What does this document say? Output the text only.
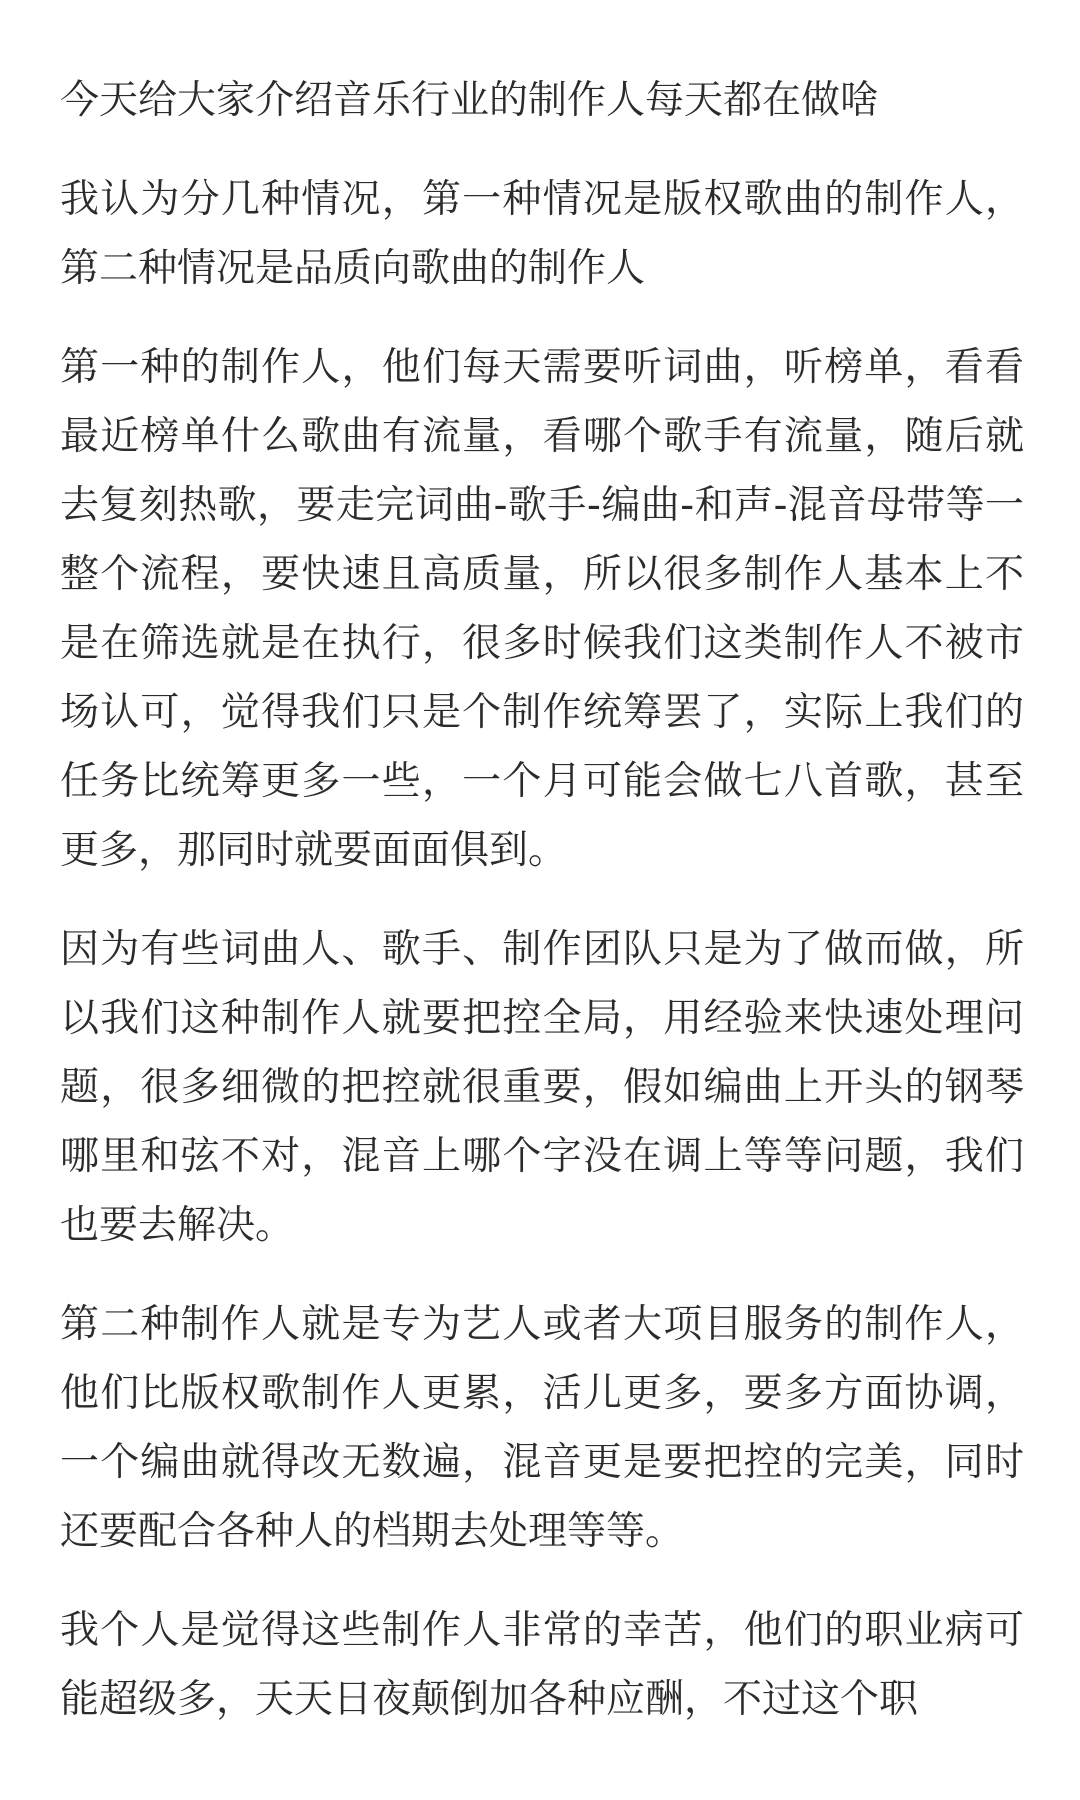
今天给大家介绍音乐行业的制作人每天都在做啥

我认为分几种情况，第一种情况是版权歌曲的制作人，第二种情况是品质向歌曲的制作人

第一种的制作人，他们每天需要听词曲，听榜单，看看最近榜单什么歌曲有流量，看哪个歌手有流量，随后就去复刻热歌，要走完词曲-歌手-编曲-和声-混音母带等一整个流程，要快速且高质量，所以很多制作人基本上不是在筛选就是在执行，很多时候我们这类制作人不被市场认可，觉得我们只是个制作统筹罢了，实际上我们的任务比统筹更多一些，一个月可能会做七八首歌，甚至更多，那同时就要面面俱到。

因为有些词曲人、歌手、制作团队只是为了做而做，所以我们这种制作人就要把控全局，用经验来快速处理问题，很多细微的把控就很重要，假如编曲上开头的钢琴哪里和弦不对，混音上哪个字没在调上等等问题，我们也要去解决。

第二种制作人就是专为艺人或者大项目服务的制作人，他们比版权歌制作人更累，活儿更多，要多方面协调，一个编曲就得改无数遍，混音更是要把控的完美，同时还要配合各种人的档期去处理等等。

我个人是觉得这些制作人非常的幸苦，他们的职业病可能超级多，天天日夜颠倒加各种应酬，不过这个职
